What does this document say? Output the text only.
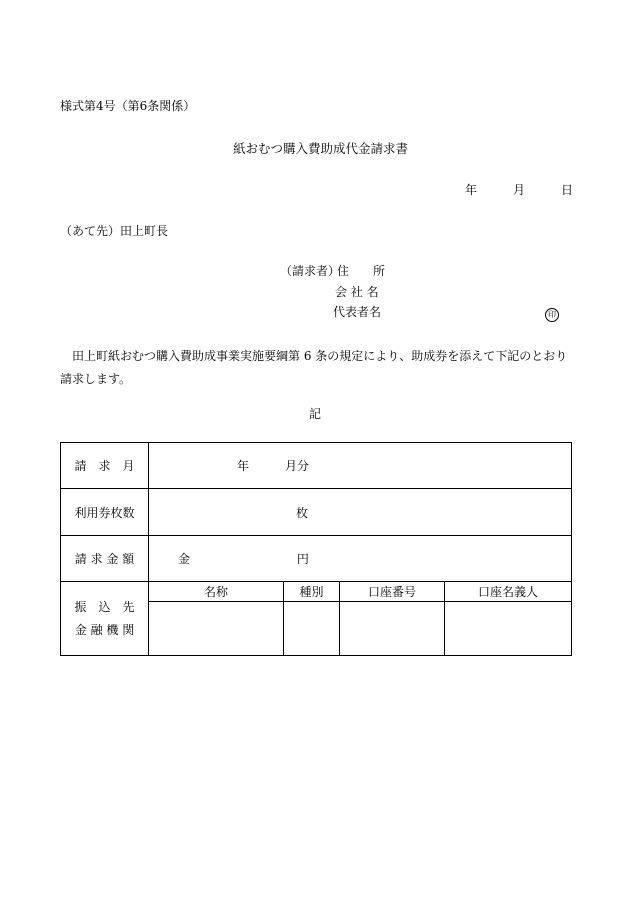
様式第4号（第6条関係）
紙おむつ購入費助成代金請求書
年	月	日
（あて先）田上町長
（請求者）
住　　所
会 社 名
代表者名	印
田上町紙おむつ購入費助成事業実施要綱第 6 条の規定により、助成券を添えて下記のとおり請求します。
記
請　求　月	年　　　月分			
利用券枚数	枚			
請 求 金 額	金 円			

振　込　先
金 融 機 関	名称	種別	口座番号	口座名義人
